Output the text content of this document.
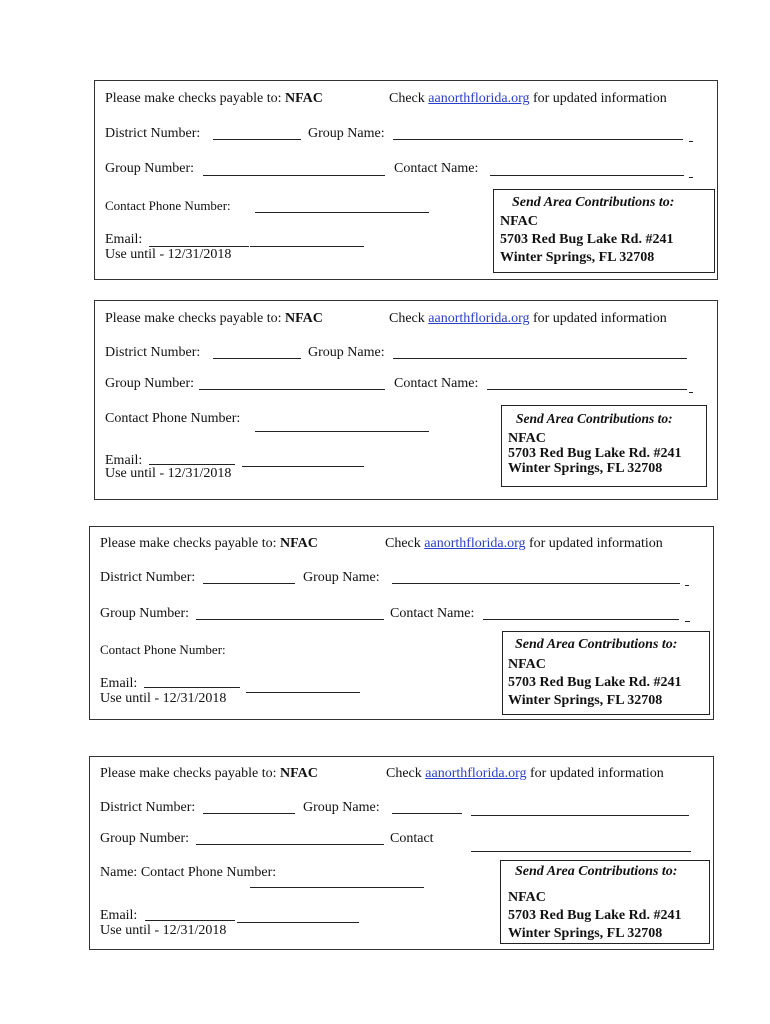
Please make checks payable to: NFAC	Check aanorthflorida.org for updated information
District Number:	Group Name:
Group Number:	Contact Name:
Contact Phone Number:
Email:
Use until - 12/31/2018
Send Area Contributions to:
NFAC
5703 Red Bug Lake Rd. #241
Winter Springs, FL 32708
Please make checks payable to: NFAC	Check aanorthflorida.org for updated information
District Number:	Group Name:
Group Number:	Contact Name:
Contact Phone Number:
Email:
Use until - 12/31/2018
Send Area Contributions to:
NFAC
5703 Red Bug Lake Rd. #241
Winter Springs, FL 32708
Please make checks payable to: NFAC	Check aanorthflorida.org for updated information
District Number:	Group Name:
Group Number:	Contact Name:
Contact Phone Number:
Email:
Use until - 12/31/2018
Send Area Contributions to:
NFAC
5703 Red Bug Lake Rd. #241
Winter Springs, FL 32708
Please make checks payable to: NFAC	Check aanorthflorida.org for updated information
District Number:	Group Name:
Group Number:	Contact
Name: Contact Phone Number:
Email:
Use until - 12/31/2018
Send Area Contributions to:
NFAC
5703 Red Bug Lake Rd. #241
Winter Springs, FL 32708
